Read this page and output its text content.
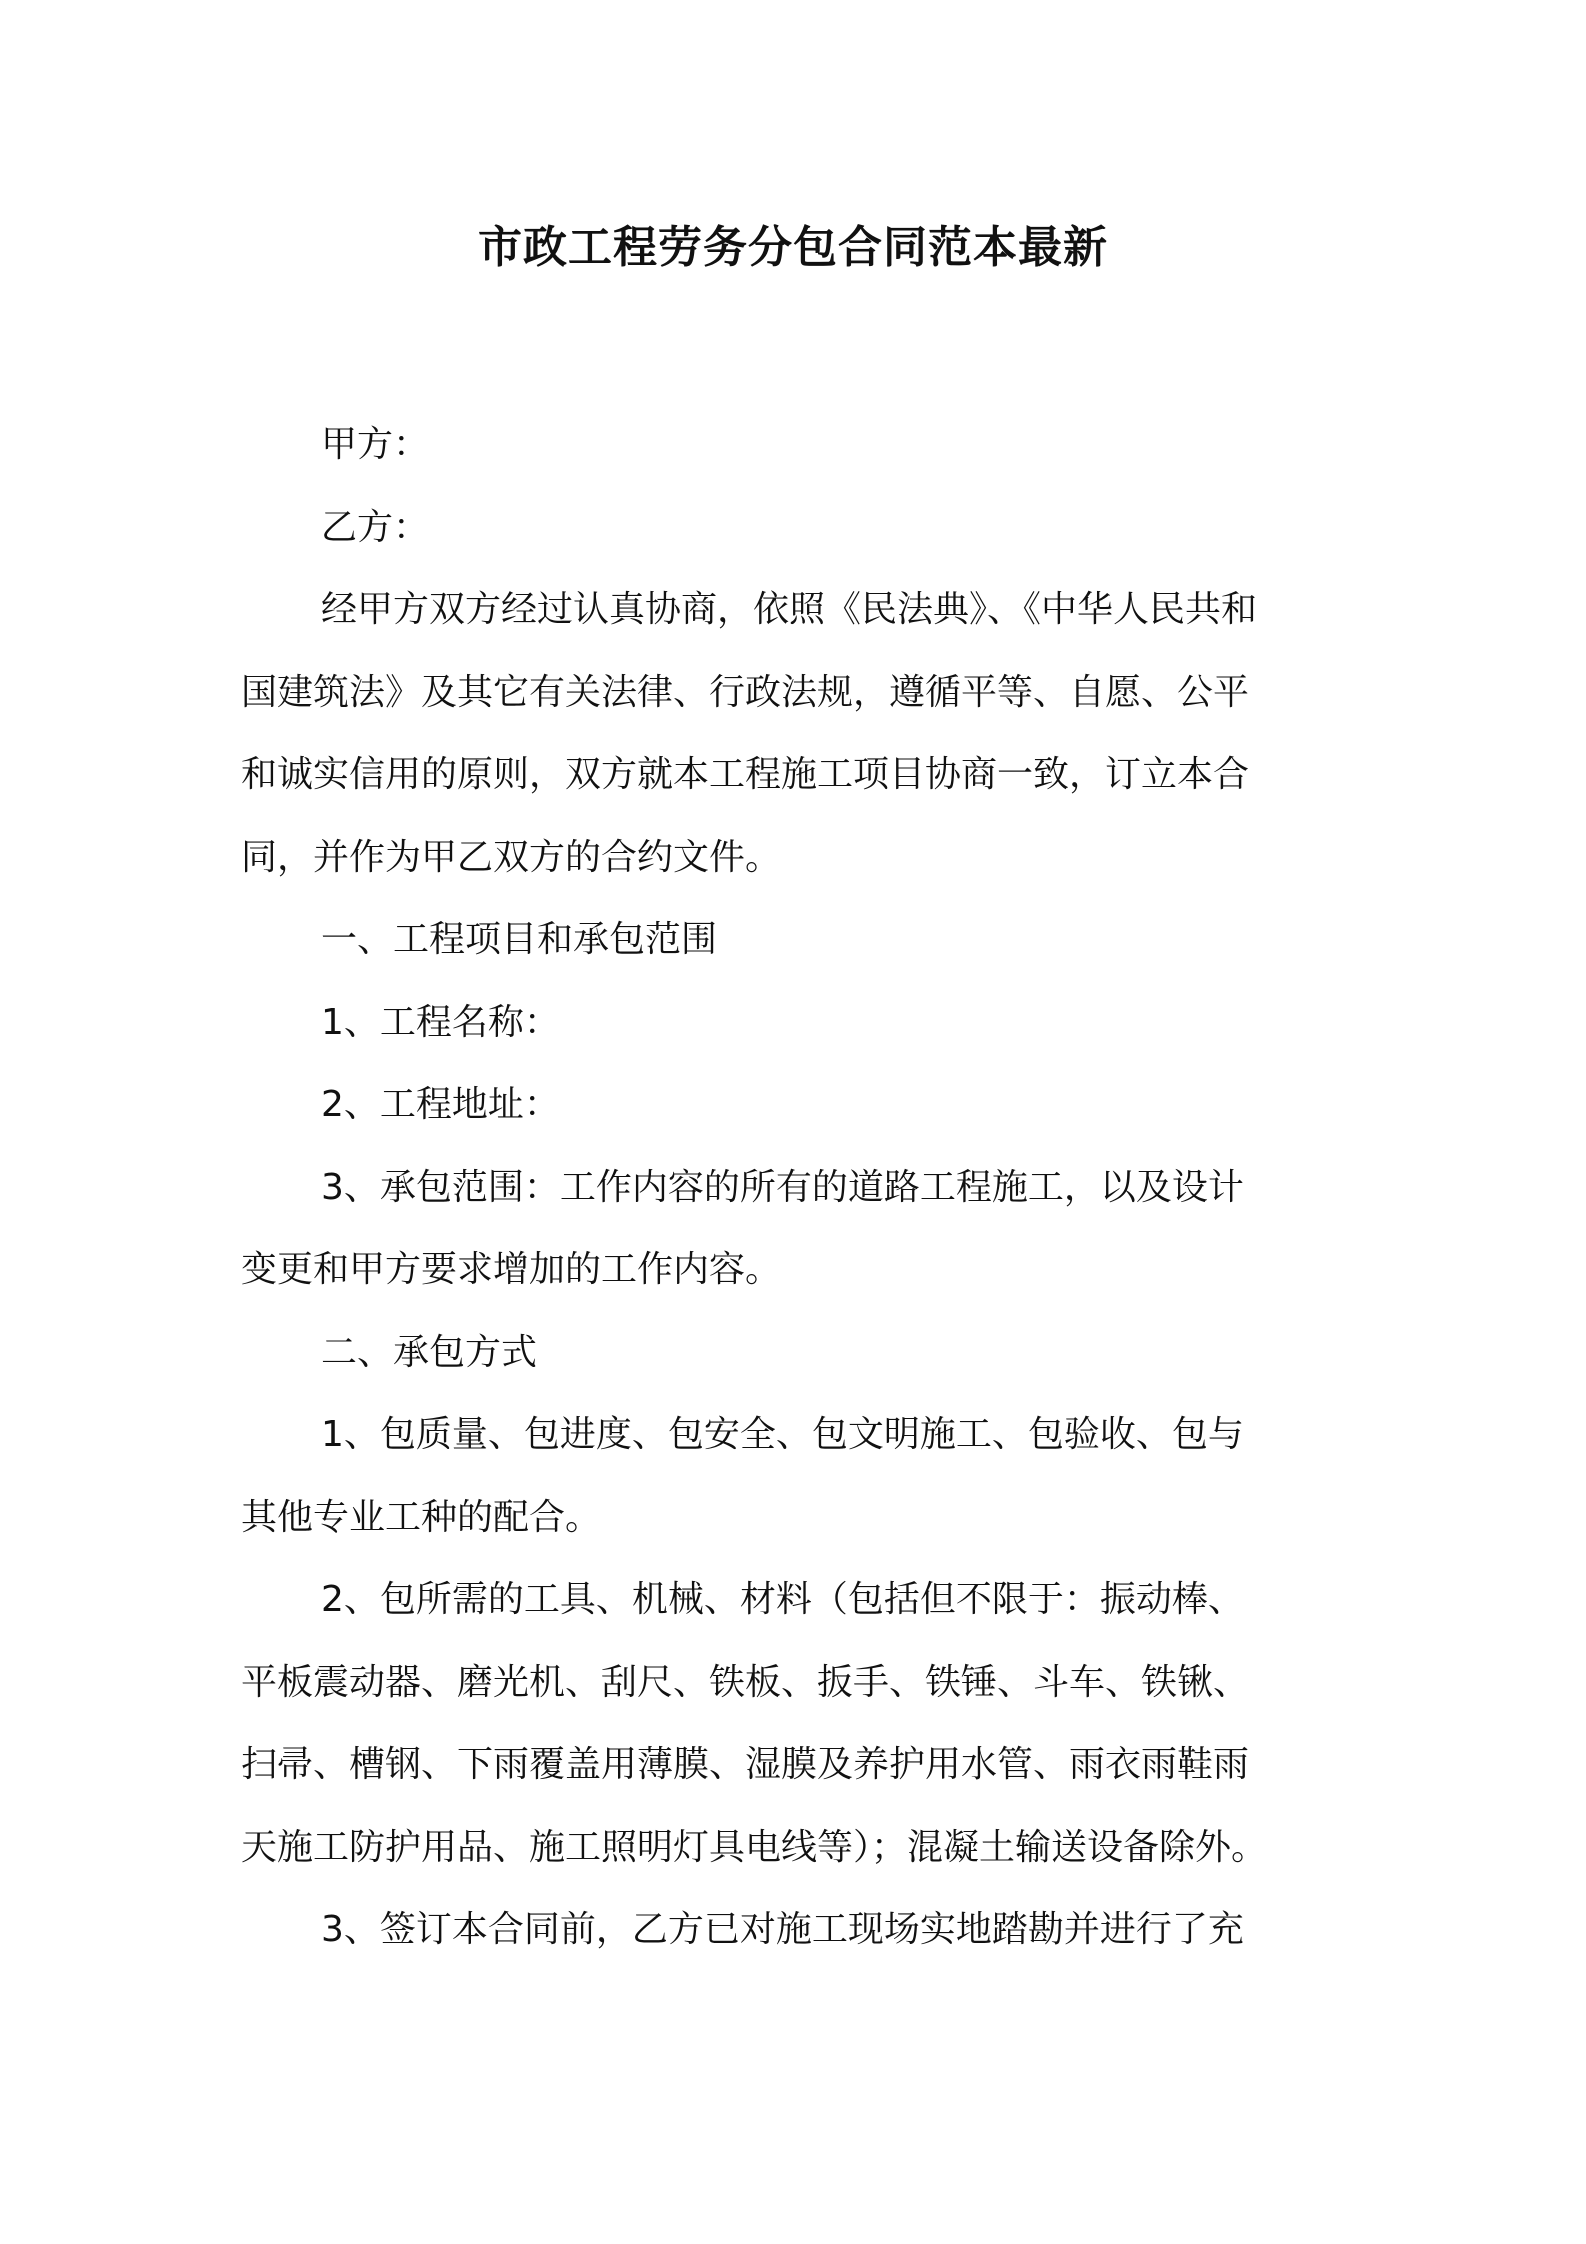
市政工程劳务分包合同范本最新
甲方：
乙方：
经甲方双方经过认真协商，依照《民法典》、《中华人民共和
国建筑法》及其它有关法律、行政法规，遵循平等、自愿、公平
和诚实信用的原则，双方就本工程施工项目协商一致，订立本合
同，并作为甲乙双方的合约文件。
一、工程项目和承包范围
1、工程名称：
2、工程地址：
3、承包范围：工作内容的所有的道路工程施工，以及设计
变更和甲方要求增加的工作内容。
二、承包方式
1、包质量、包进度、包安全、包文明施工、包验收、包与
其他专业工种的配合。
2、包所需的工具、机械、材料（包括但不限于：振动棒、
平板震动器、磨光机、刮尺、铁板、扳手、铁锤、斗车、铁锹、
扫帚、槽钢、下雨覆盖用薄膜、湿膜及养护用水管、雨衣雨鞋雨
天施工防护用品、施工照明灯具电线等）；混凝土输送设备除外。
3、签订本合同前，乙方已对施工现场实地踏勘并进行了充
